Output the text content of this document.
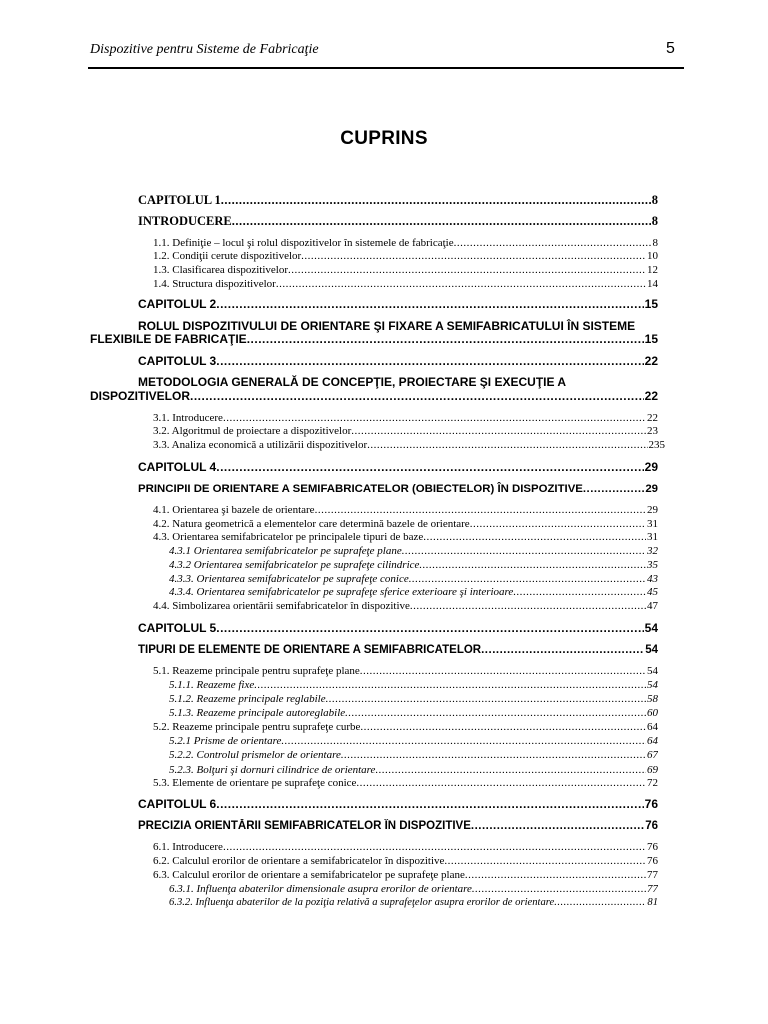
Dispozitive pentru Sisteme de Fabricaţie	5
CUPRINS
CAPITOLUL 1 .....	8
INTRODUCERE .....	8
1.1. Definiţie – locul şi rolul dispozitivelor în sistemele de fabricaţie .....	8
1.2. Condiţii cerute dispozitivelor .....	10
1.3. Clasificarea dispozitivelor .....	12
1.4. Structura dispozitivelor .....	14
CAPITOLUL 2 .....	15
ROLUL DISPOZITIVULUI DE ORIENTARE ŞI FIXARE A SEMIFABRICATULUI ÎN SISTEME
FLEXIBILE DE FABRICAŢIE .....	15
CAPITOLUL 3 .....	22
METODOLOGIA GENERALĂ DE CONCEPŢIE, PROIECTARE ŞI EXECUŢIE A
DISPOZITIVELOR .....	22
3.1. Introducere .....	22
3.2. Algoritmul de proiectare a dispozitivelor .....	23
3.3. Analiza economică a utilizării dispozitivelor .....	235
CAPITOLUL 4 .....	29
PRINCIPII DE ORIENTARE A SEMIFABRICATELOR (OBIECTELOR) ÎN DISPOZITIVE .....	29
4.1. Orientarea şi bazele de orientare .....	29
4.2. Natura geometrică a elementelor care determină bazele de orientare .....	31
4.3. Orientarea semifabricatelor pe principalele tipuri de baze .....	31
4.3.1 Orientarea semifabricatelor pe suprafeţe plane .....	32
4.3.2 Orientarea semifabricatelor pe suprafeţe cilindrice .....	35
4.3.3. Orientarea semifabricatelor pe suprafeţe conice .....	43
4.3.4. Orientarea semifabricatelor pe suprafeţe sferice exterioare şi interioare .....	45
4.4. Simbolizarea orientării semifabricatelor în dispozitive .....	47
CAPITOLUL 5 .....	54
TIPURI DE ELEMENTE DE ORIENTARE A SEMIFABRICATELOR .....	54
5.1. Reazeme principale pentru suprafeţe plane .....	54
5.1.1. Reazeme fixe .....	54
5.1.2. Reazeme principale reglabile .....	58
5.1.3. Reazeme principale autoreglabile .....	60
5.2. Reazeme principale pentru suprafeţe curbe .....	64
5.2.1 Prisme de orientare .....	64
5.2.2. Controlul prismelor de orientare .....	67
5.2.3. Bolţuri şi dornuri cilindrice de orientare .....	69
5.3. Elemente de orientare pe suprafeţe conice .....	72
CAPITOLUL 6 .....	76
PRECIZIA ORIENTĂRII SEMIFABRICATELOR ÎN DISPOZITIVE .....	76
6.1. Introducere .....	76
6.2. Calculul erorilor de orientare a semifabricatelor în dispozitive .....	76
6.3. Calculul erorilor de orientare a semifabricatelor pe suprafeţe plane .....	77
6.3.1. Influenţa abaterilor dimensionale asupra erorilor de orientare .....	77
6.3.2. Influenţa abaterilor de la poziţia relativă a suprafeţelor asupra erorilor de orientare .....	81
